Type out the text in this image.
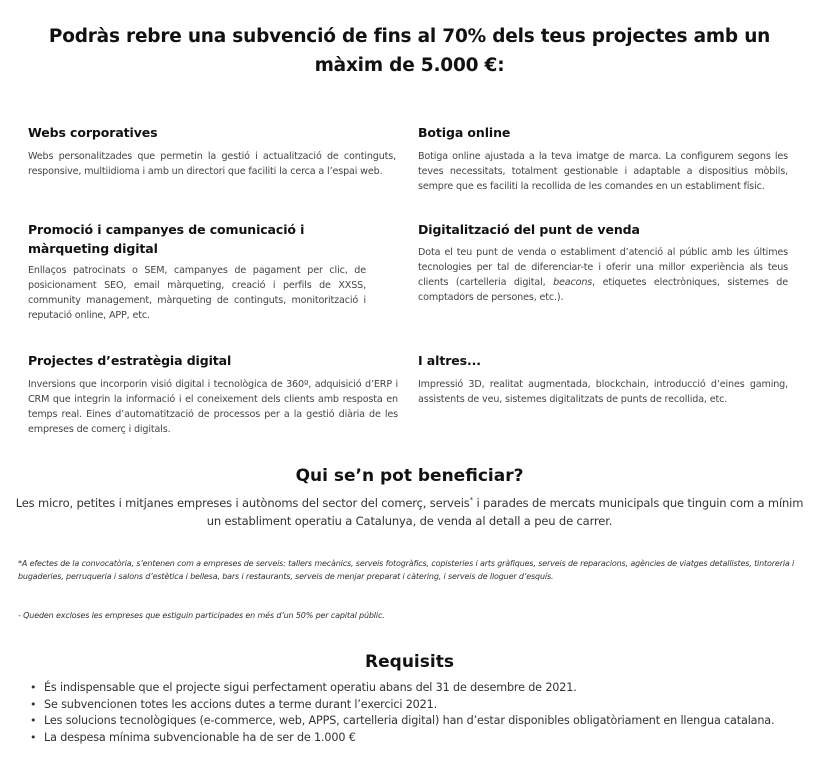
Podràs rebre una subvenció de fins al 70% dels teus projectes amb un màxim de 5.000 €:
Webs corporatives

Webs personalitzades que permetin la gestió i actualització de continguts, responsive, multiidioma i amb un directori que faciliti la cerca a l’espai web.

Botiga online

Botiga online ajustada a la teva imatge de marca. La configurem segons les teves necessitats, totalment gestionable i adaptable a dispositius mòbils, sempre que es faciliti la recollida de les comandes en un establiment físic.

Promoció i campanyes de comunicació i màrqueting digital

Enllaços patrocinats o SEM, campanyes de pagament per clic, de posicionament SEO, email màrqueting, creació i perfils de XXSS, community management, màrqueting de continguts, monitorització i reputació online, APP, etc.

Digitalització del punt de venda

Dota el teu punt de venda o establiment d’atenció al públic amb les últimes tecnologies per tal de diferenciar-te i oferir una millor experiència als teus clients (cartelleria digital, beacons, etiquetes electròniques, sistemes de comptadors de persones, etc.).

Projectes d’estratègia digital

Inversions que incorporin visió digital i tecnològica de 360º, adquisició d’ERP i CRM que integrin la informació i el coneixement dels clients amb resposta en temps real. Eines d’automatització de processos per a la gestió diària de les empreses de comerç i digitals.

I altres...

Impressió 3D, realitat augmentada, blockchain, introducció d’eines gaming, assistents de veu, sistemes digitalitzats de punts de recollida, etc.

Qui se’n pot beneficiar?

Les micro, petites i mitjanes empreses i autònoms del sector del comerç, serveis* i parades de mercats municipals que tinguin com a mínim un establiment operatiu a Catalunya, de venda al detall a peu de carrer.

*A efectes de la convocatòria, s’entenen com a empreses de serveis: tallers mecànics, serveis fotogràfics, copisteries i arts gràfiques, serveis de reparacions, agències de viatges detallistes, tintoreria i bugaderies, perruqueria i salons d’estètica i bellesa, bars i restaurants, serveis de menjar preparat i càtering, i serveis de lloguer d’esquís.

- Queden excloses les empreses que estiguin participades en més d’un 50% per capital públic.

Requisits
• És indispensable que el projecte sigui perfectament operatiu abans del 31 de desembre de 2021.
• Se subvencionen totes les accions dutes a terme durant l’exercici 2021.
• Les solucions tecnològiques (e-commerce, web, APPS, cartelleria digital) han d’estar disponibles obligatòriament en llengua catalana.
• La despesa mínima subvencionable ha de ser de 1.000 €
